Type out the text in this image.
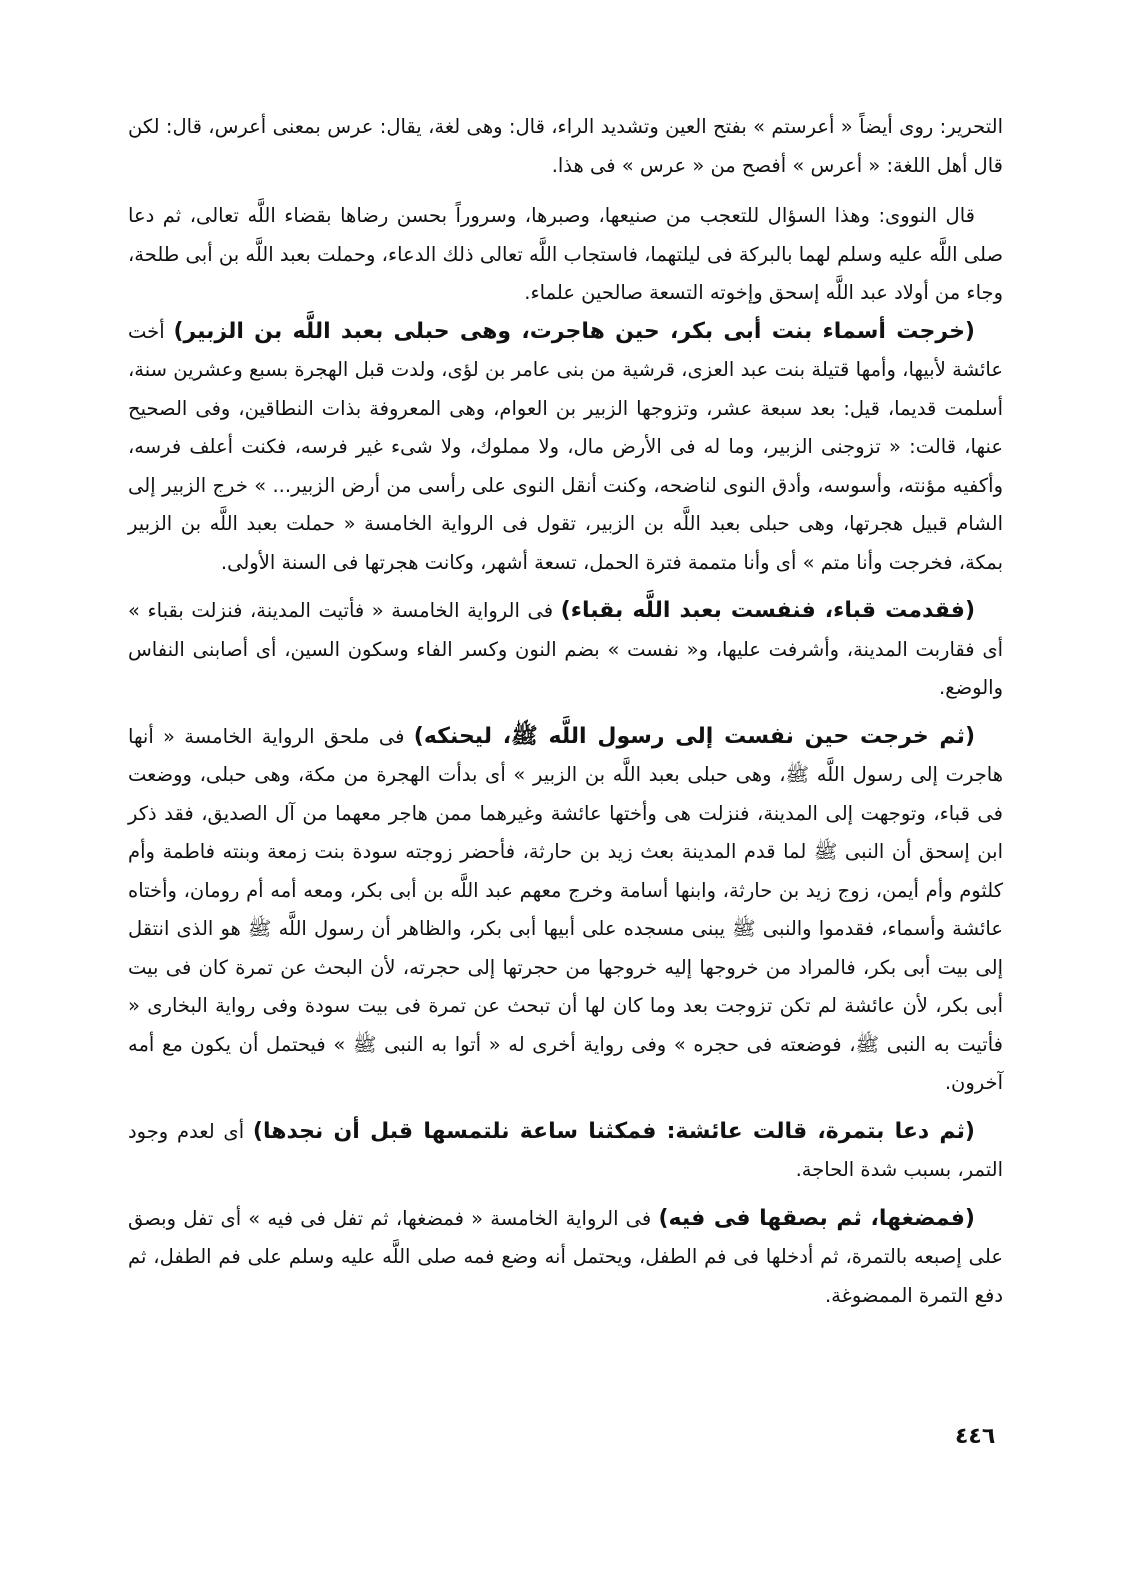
التحرير: روى أيضاً « أعرستم » بفتح العين وتشديد الراء، قال: وهى لغة، يقال: عرس بمعنى أعرس، قال: لكن قال أهل اللغة: « أعرس » أفصح من « عرس » فى هذا.

قال النووى: وهذا السؤال للتعجب من صنيعها، وصبرها، وسروراً بحسن رضاها بقضاء اللَّه تعالى، ثم دعا صلى اللَّه عليه وسلم لهما بالبركة فى ليلتهما، فاستجاب اللَّه تعالى ذلك الدعاء، وحملت بعبد اللَّه بن أبى طلحة، وجاء من أولاد عبد اللَّه إسحق وإخوته التسعة صالحين علماء.

(خرجت أسماء بنت أبى بكر، حين هاجرت، وهى حبلى بعبد اللَّه بن الزبير) أخت عائشة لأبيها، وأمها قتيلة بنت عبد العزى، قرشية من بنى عامر بن لؤى، ولدت قبل الهجرة بسبع وعشرين سنة، أسلمت قديما، قيل: بعد سبعة عشر، وتزوجها الزبير بن العوام، وهى المعروفة بذات النطاقين، وفى الصحيح عنها، قالت: « تزوجنى الزبير، وما له فى الأرض مال، ولا مملوك، ولا شىء غير فرسه، فكنت أعلف فرسه، وأكفيه مؤنته، وأسوسه، وأدق النوى لناضحه، وكنت أنقل النوى على رأسى من أرض الزبير... » خرج الزبير إلى الشام قبيل هجرتها، وهى حبلى بعبد اللَّه بن الزبير، تقول فى الرواية الخامسة « حملت بعبد اللَّه بن الزبير بمكة، فخرجت وأنا متم » أى وأنا متممة فترة الحمل، تسعة أشهر، وكانت هجرتها فى السنة الأولى.

(فقدمت قباء، فنفست بعبد اللَّه بقباء) فى الرواية الخامسة « فأتيت المدينة، فنزلت بقباء » أى فقاربت المدينة، وأشرفت عليها، و« نفست » بضم النون وكسر الفاء وسكون السين، أى أصابنى النفاس والوضع.

(ثم خرجت حين نفست إلى رسول اللَّه ﷺ، ليحنكه) فى ملحق الرواية الخامسة « أنها هاجرت إلى رسول اللَّه ﷺ، وهى حبلى بعبد اللَّه بن الزبير » أى بدأت الهجرة من مكة، وهى حبلى، ووضعت فى قباء، وتوجهت إلى المدينة، فنزلت هى وأختها عائشة وغيرهما ممن هاجر معهما من آل الصديق، فقد ذكر ابن إسحق أن النبى ﷺ لما قدم المدينة بعث زيد بن حارثة، فأحضر زوجته سودة بنت زمعة وبنته فاطمة وأم كلثوم وأم أيمن، زوج زيد بن حارثة، وابنها أسامة وخرج معهم عبد اللَّه بن أبى بكر، ومعه أمه أم رومان، وأختاه عائشة وأسماء، فقدموا والنبى ﷺ يبنى مسجده على أبيها أبى بكر، والظاهر أن رسول اللَّه ﷺ هو الذى انتقل إلى بيت أبى بكر، فالمراد من خروجها إليه خروجها من حجرتها إلى حجرته، لأن البحث عن تمرة كان فى بيت أبى بكر، لأن عائشة لم تكن تزوجت بعد وما كان لها أن تبحث عن تمرة فى بيت سودة وفى رواية البخارى « فأتيت به النبى ﷺ، فوضعته فى حجره » وفى رواية أخرى له « أتوا به النبى ﷺ » فيحتمل أن يكون مع أمه آخرون.

(ثم دعا بتمرة، قالت عائشة: فمكثنا ساعة نلتمسها قبل أن نجدها) أى لعدم وجود التمر، بسبب شدة الحاجة.

(فمضغها، ثم بصقها فى فيه) فى الرواية الخامسة « فمضغها، ثم تفل فى فيه » أى تفل وبصق على إصبعه بالتمرة، ثم أدخلها فى فم الطفل، ويحتمل أنه وضع فمه صلى اللَّه عليه وسلم على فم الطفل، ثم دفع التمرة الممضوغة.

٤٤٦
